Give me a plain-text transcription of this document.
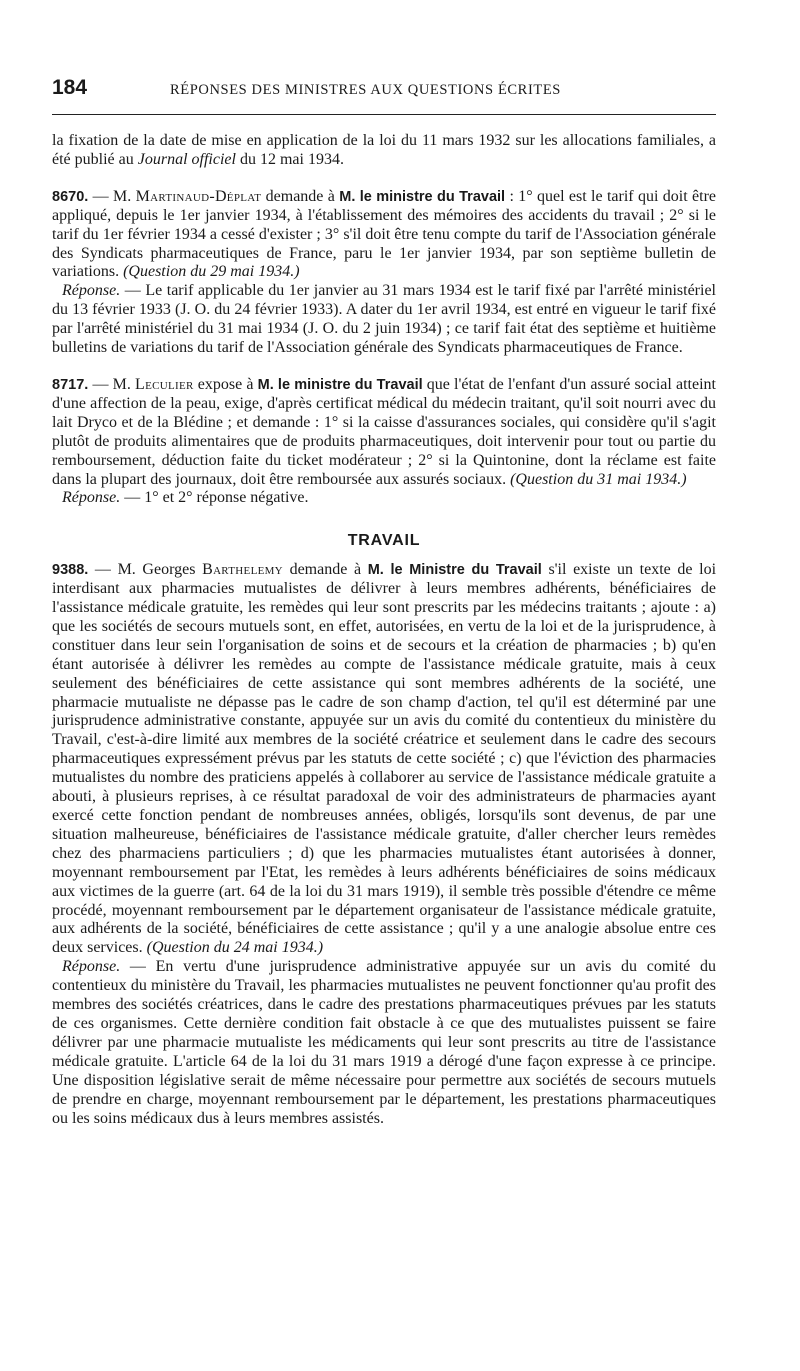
184	RÉPONSES DES MINISTRES AUX QUESTIONS ÉCRITES

la fixation de la date de mise en application de la loi du 11 mars 1932 sur les allocations familiales, a été publié au Journal officiel du 12 mai 1934.

8670. — M. Martinaud-Déplat demande à M. le ministre du Travail : 1° quel est le tarif qui doit être appliqué, depuis le 1er janvier 1934, à l'établissement des mémoires des accidents du travail ; 2° si le tarif du 1er février 1934 a cessé d'exister ; 3° s'il doit être tenu compte du tarif de l'Association générale des Syndicats pharmaceutiques de France, paru le 1er janvier 1934, par son septième bulletin de variations. (Question du 29 mai 1934.)

Réponse. — Le tarif applicable du 1er janvier au 31 mars 1934 est le tarif fixé par l'arrêté ministériel du 13 février 1933 (J. O. du 24 février 1933). A dater du 1er avril 1934, est entré en vigueur le tarif fixé par l'arrêté ministériel du 31 mai 1934 (J. O. du 2 juin 1934) ; ce tarif fait état des septième et huitième bulletins de variations du tarif de l'Association générale des Syndicats pharmaceutiques de France.

8717. — M. Leculier expose à M. le ministre du Travail que l'état de l'enfant d'un assuré social atteint d'une affection de la peau, exige, d'après certificat médical du médecin traitant, qu'il soit nourri avec du lait Dryco et de la Blédine ; et demande : 1° si la caisse d'assurances sociales, qui considère qu'il s'agit plutôt de produits alimentaires que de produits pharmaceutiques, doit intervenir pour tout ou partie du remboursement, déduction faite du ticket modérateur ; 2° si la Quintonine, dont la réclame est faite dans la plupart des journaux, doit être remboursée aux assurés sociaux. (Question du 31 mai 1934.)

Réponse. — 1° et 2° réponse négative.

TRAVAIL

9388. — M. Georges Barthelemy demande à M. le Ministre du Travail s'il existe un texte de loi interdisant aux pharmacies mutualistes de délivrer à leurs membres adhérents, bénéficiaires de l'assistance médicale gratuite, les remèdes qui leur sont prescrits par les médecins traitants ; ajoute : a) que les sociétés de secours mutuels sont, en effet, autorisées, en vertu de la loi et de la jurisprudence, à constituer dans leur sein l'organisation de soins et de secours et la création de pharmacies ; b) qu'en étant autorisée à délivrer les remèdes au compte de l'assistance médicale gratuite, mais à ceux seulement des bénéficiaires de cette assistance qui sont membres adhérents de la société, une pharmacie mutualiste ne dépasse pas le cadre de son champ d'action, tel qu'il est déterminé par une jurisprudence administrative constante, appuyée sur un avis du comité du contentieux du ministère du Travail, c'est-à-dire limité aux membres de la société créatrice et seulement dans le cadre des secours pharmaceutiques expressément prévus par les statuts de cette société ; c) que l'éviction des pharmacies mutualistes du nombre des praticiens appelés à collaborer au service de l'assistance médicale gratuite a abouti, à plusieurs reprises, à ce résultat paradoxal de voir des administrateurs de pharmacies ayant exercé cette fonction pendant de nombreuses années, obligés, lorsqu'ils sont devenus, de par une situation malheureuse, bénéficiaires de l'assistance médicale gratuite, d'aller chercher leurs remèdes chez des pharmaciens particuliers ; d) que les pharmacies mutualistes étant autorisées à donner, moyennant remboursement par l'Etat, les remèdes à leurs adhérents bénéficiaires de soins médicaux aux victimes de la guerre (art. 64 de la loi du 31 mars 1919), il semble très possible d'étendre ce même procédé, moyennant remboursement par le département organisateur de l'assistance médicale gratuite, aux adhérents de la société, bénéficiaires de cette assistance ; qu'il y a une analogie absolue entre ces deux services. (Question du 24 mai 1934.)

Réponse. — En vertu d'une jurisprudence administrative appuyée sur un avis du comité du contentieux du ministère du Travail, les pharmacies mutualistes ne peuvent fonctionner qu'au profit des membres des sociétés créatrices, dans le cadre des prestations pharmaceutiques prévues par les statuts de ces organismes. Cette dernière condition fait obstacle à ce que des mutualistes puissent se faire délivrer par une pharmacie mutualiste les médicaments qui leur sont prescrits au titre de l'assistance médicale gratuite. L'article 64 de la loi du 31 mars 1919 a dérogé d'une façon expresse à ce principe. Une disposition législative serait de même nécessaire pour permettre aux sociétés de secours mutuels de prendre en charge, moyennant remboursement par le département, les prestations pharmaceutiques ou les soins médicaux dus à leurs membres assistés.
